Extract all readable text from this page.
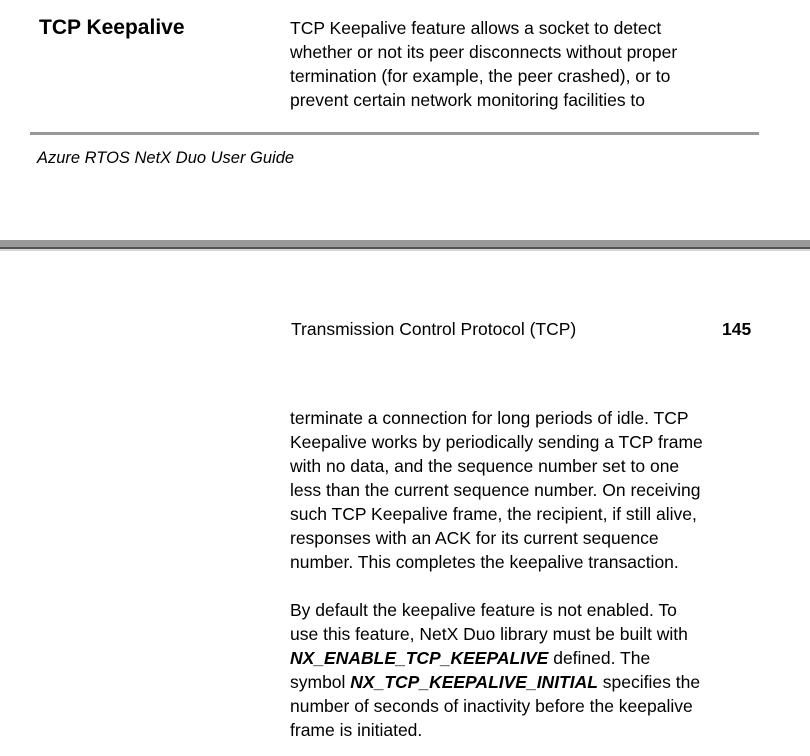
TCP Keepalive	TCP Keepalive feature allows a socket to detect
whether or not its peer disconnects without proper
termination (for example, the peer crashed), or to
prevent certain network monitoring facilities to

Azure RTOS NetX Duo User Guide
Transmission Control Protocol (TCP)	145

terminate a connection for long periods of idle. TCP
Keepalive works by periodically sending a TCP frame
with no data, and the sequence number set to one
less than the current sequence number. On receiving
such TCP Keepalive frame, the recipient, if still alive,
responses with an ACK for its current sequence
number. This completes the keepalive transaction.

By default the keepalive feature is not enabled. To
use this feature, NetX Duo library must be built with
NX_ENABLE_TCP_KEEPALIVE defined. The
symbol NX_TCP_KEEPALIVE_INITIAL specifies the
number of seconds of inactivity before the keepalive
frame is initiated.
